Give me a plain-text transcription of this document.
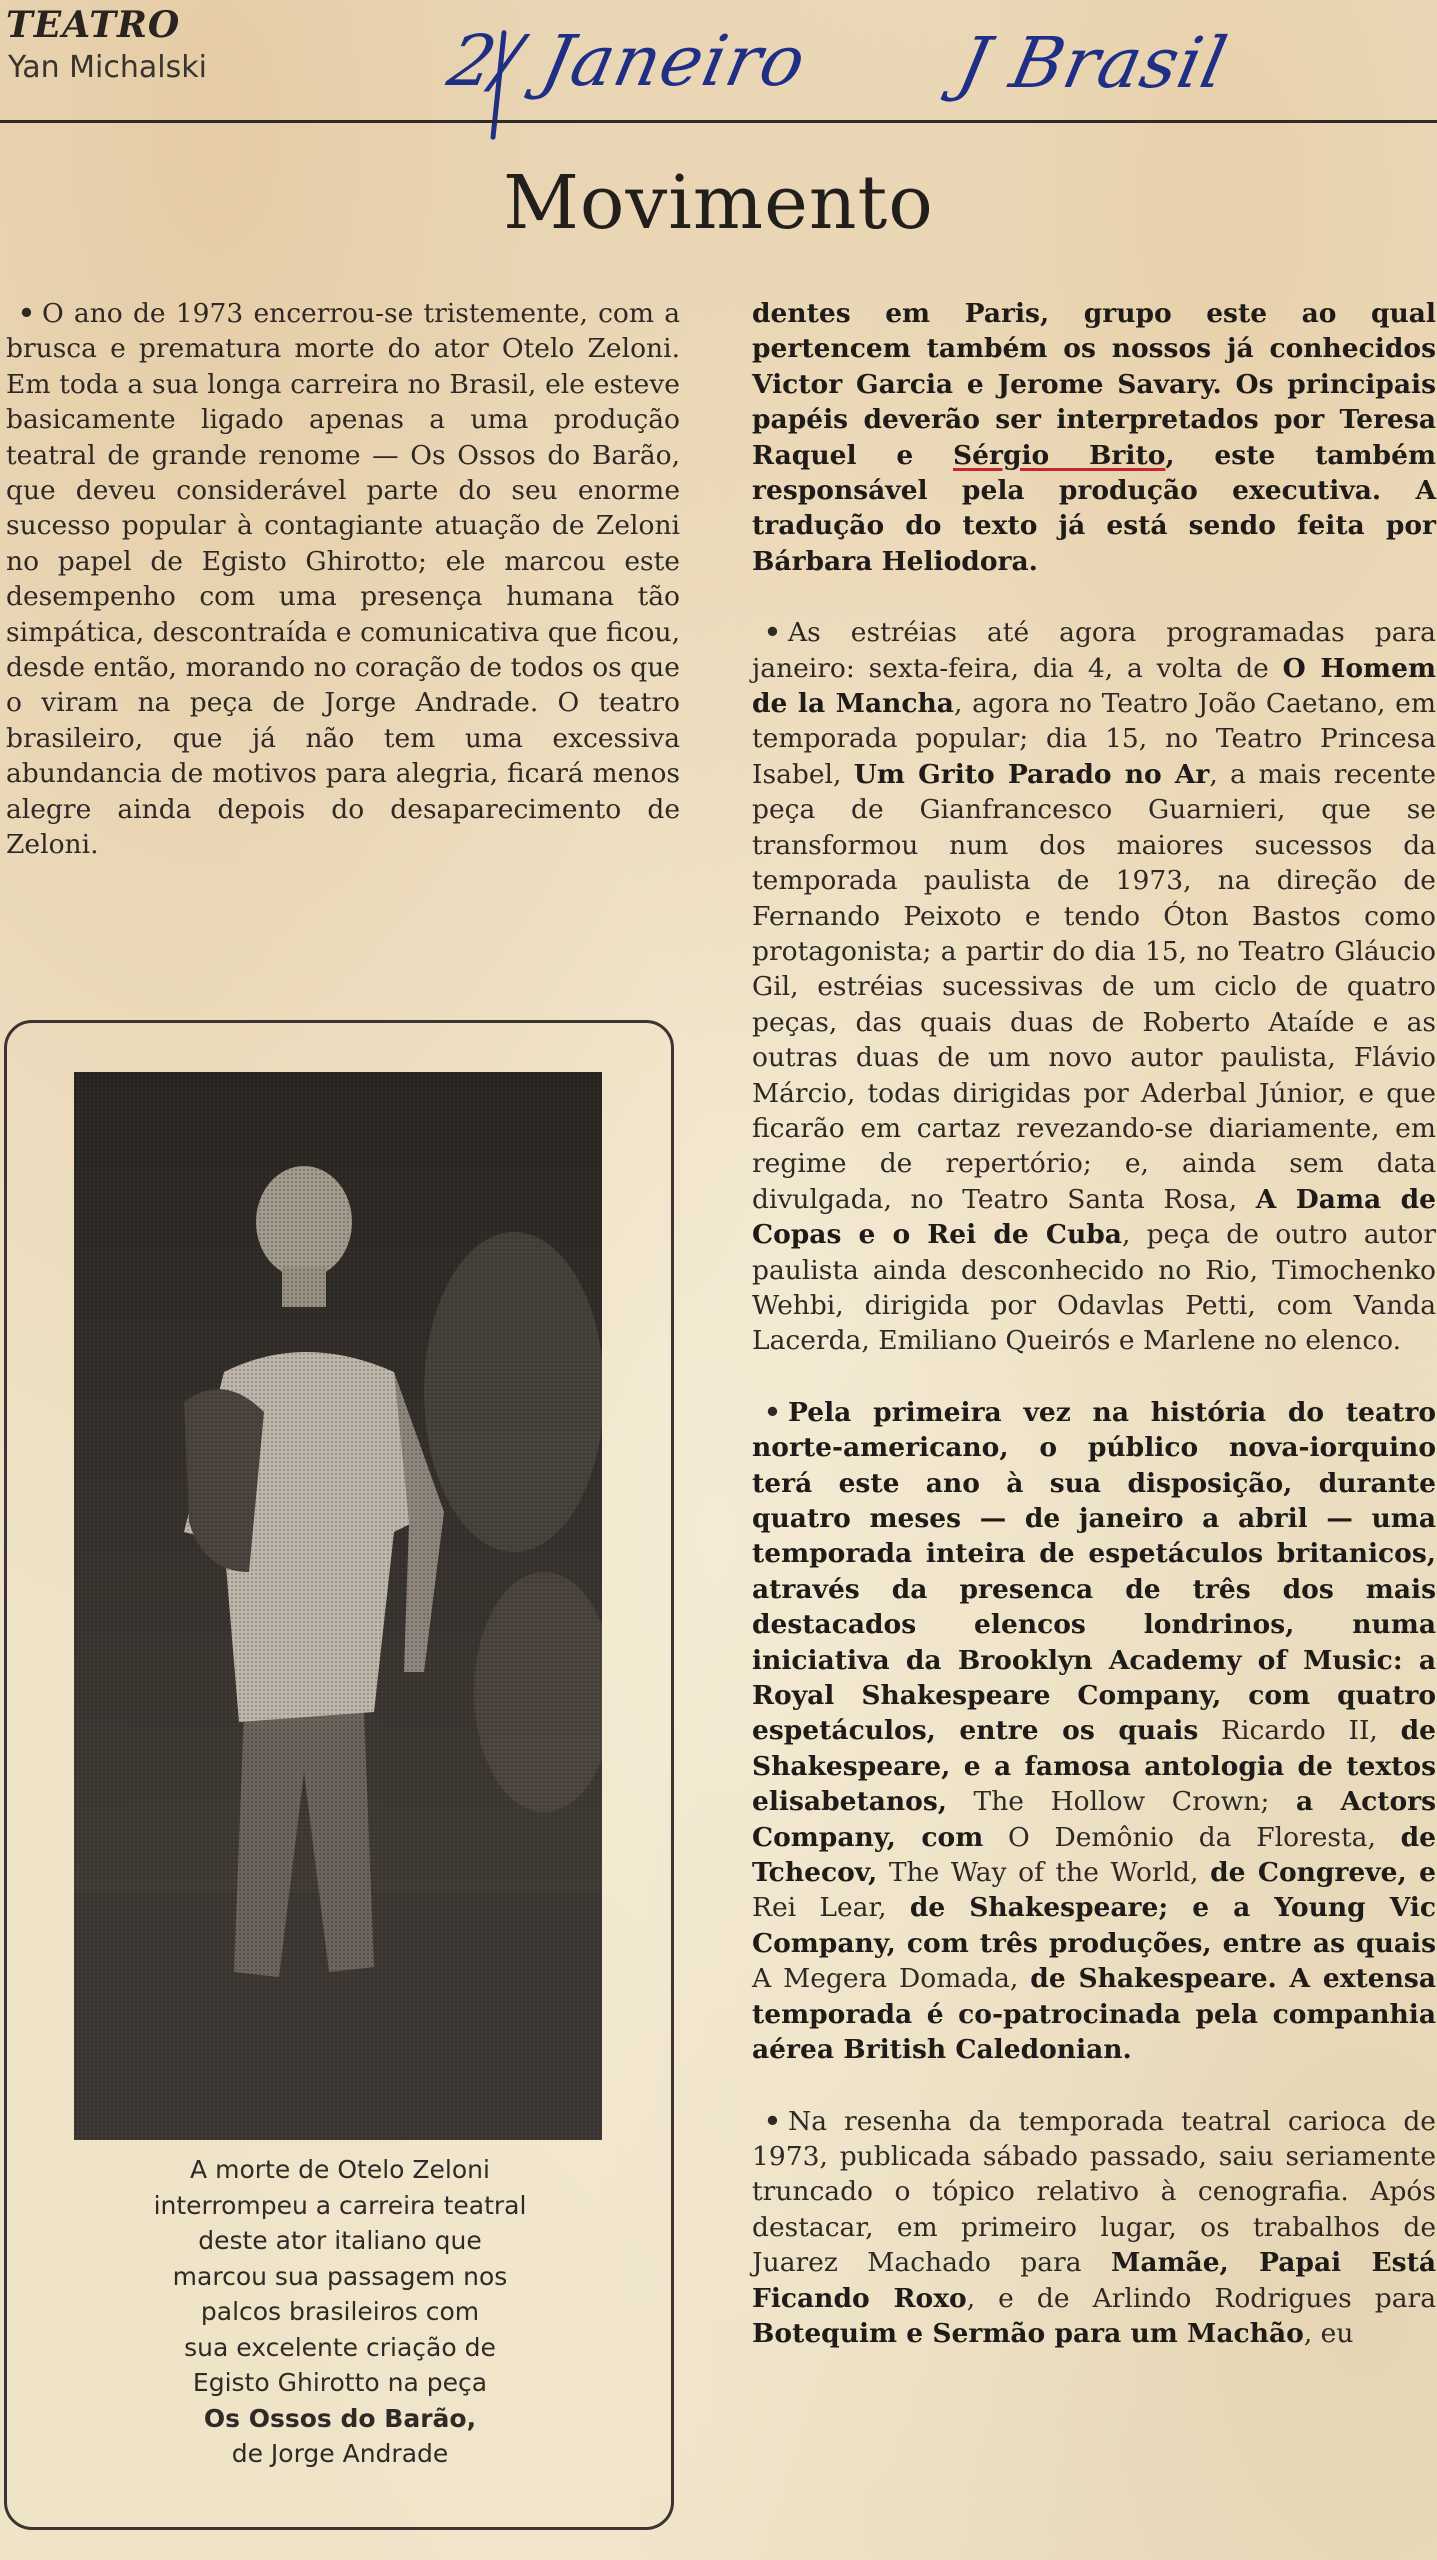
TEATRO
Yan Michalski	2/ Janeiro J Brasil
Movimento

• O ano de 1973 encerrou-se tristemente, com a brusca e prematura morte do ator Otelo Zeloni. Em toda a sua longa carreira no Brasil, ele esteve basicamente ligado apenas a uma produção teatral de grande renome — Os Ossos do Barão, que deveu considerável parte do seu enorme sucesso popular à contagiante atuação de Zeloni no papel de Egisto Ghirotto; ele marcou este desempenho com uma presença humana tão simpática, descontraída e comunicativa que ficou, desde então, morando no coração de todos os que o viram na peça de Jorge Andrade. O teatro brasileiro, que já não tem uma excessiva abundancia de motivos para alegria, ficará menos alegre ainda depois do desaparecimento de Zeloni.

A morte de Otelo Zeloni

interrompeu a carreira teatral

deste ator italiano que

marcou sua passagem nos

palcos brasileiros com

sua excelente criação de

Egisto Ghirotto na peça

Os Ossos do Barão,

de Jorge Andrade

dentes em Paris, grupo este ao qual pertencem também os nossos já conhecidos Victor Garcia e Jerome Savary. Os principais papéis deverão ser interpretados por Teresa Raquel e Sérgio Brito, este também responsável pela produção executiva. A tradução do texto já está sendo feita por Bárbara Heliodora.

• As estréias até agora programadas para janeiro: sexta-feira, dia 4, a volta de O Homem de la Mancha, agora no Teatro João Caetano, em temporada popular; dia 15, no Teatro Princesa Isabel, Um Grito Parado no Ar, a mais recente peça de Gianfrancesco Guarnieri, que se transformou num dos maiores sucessos da temporada paulista de 1973, na direção de Fernando Peixoto e tendo Óton Bastos como protagonista; a partir do dia 15, no Teatro Gláucio Gil, estréias sucessivas de um ciclo de quatro peças, das quais duas de Roberto Ataíde e as outras duas de um novo autor paulista, Flávio Márcio, todas dirigidas por Aderbal Júnior, e que ficarão em cartaz revezando-se diariamente, em regime de repertório; e, ainda sem data divulgada, no Teatro Santa Rosa, A Dama de Copas e o Rei de Cuba, peça de outro autor paulista ainda desconhecido no Rio, Timochenko Wehbi, dirigida por Odavlas Petti, com Vanda Lacerda, Emiliano Queirós e Marlene no elenco.

• Pela primeira vez na história do teatro norte-americano, o público nova-iorquino terá este ano à sua disposição, durante quatro meses — de janeiro a abril — uma temporada inteira de espetáculos britanicos, através da presenca de três dos mais destacados elencos londrinos, numa iniciativa da Brooklyn Academy of Music: a Royal Shakespeare Company, com quatro espetáculos, entre os quais Ricardo II, de Shakespeare, e a famosa antologia de textos elisabetanos, The Hollow Crown; a Actors Company, com O Demônio da Floresta, de Tchecov, The Way of the World, de Congreve, e Rei Lear, de Shakespeare; e a Young Vic Company, com três produções, entre as quais A Megera Domada, de Shakespeare. A extensa temporada é co-patrocinada pela companhia aérea British Caledonian.

• Na resenha da temporada teatral carioca de 1973, publicada sábado passado, saiu seriamente truncado o tópico relativo à cenografia. Após destacar, em primeiro lugar, os trabalhos de Juarez Machado para Mamãe, Papai Está Ficando Roxo, e de Arlindo Rodrigues para Botequim e Sermão para um Machão, eu
